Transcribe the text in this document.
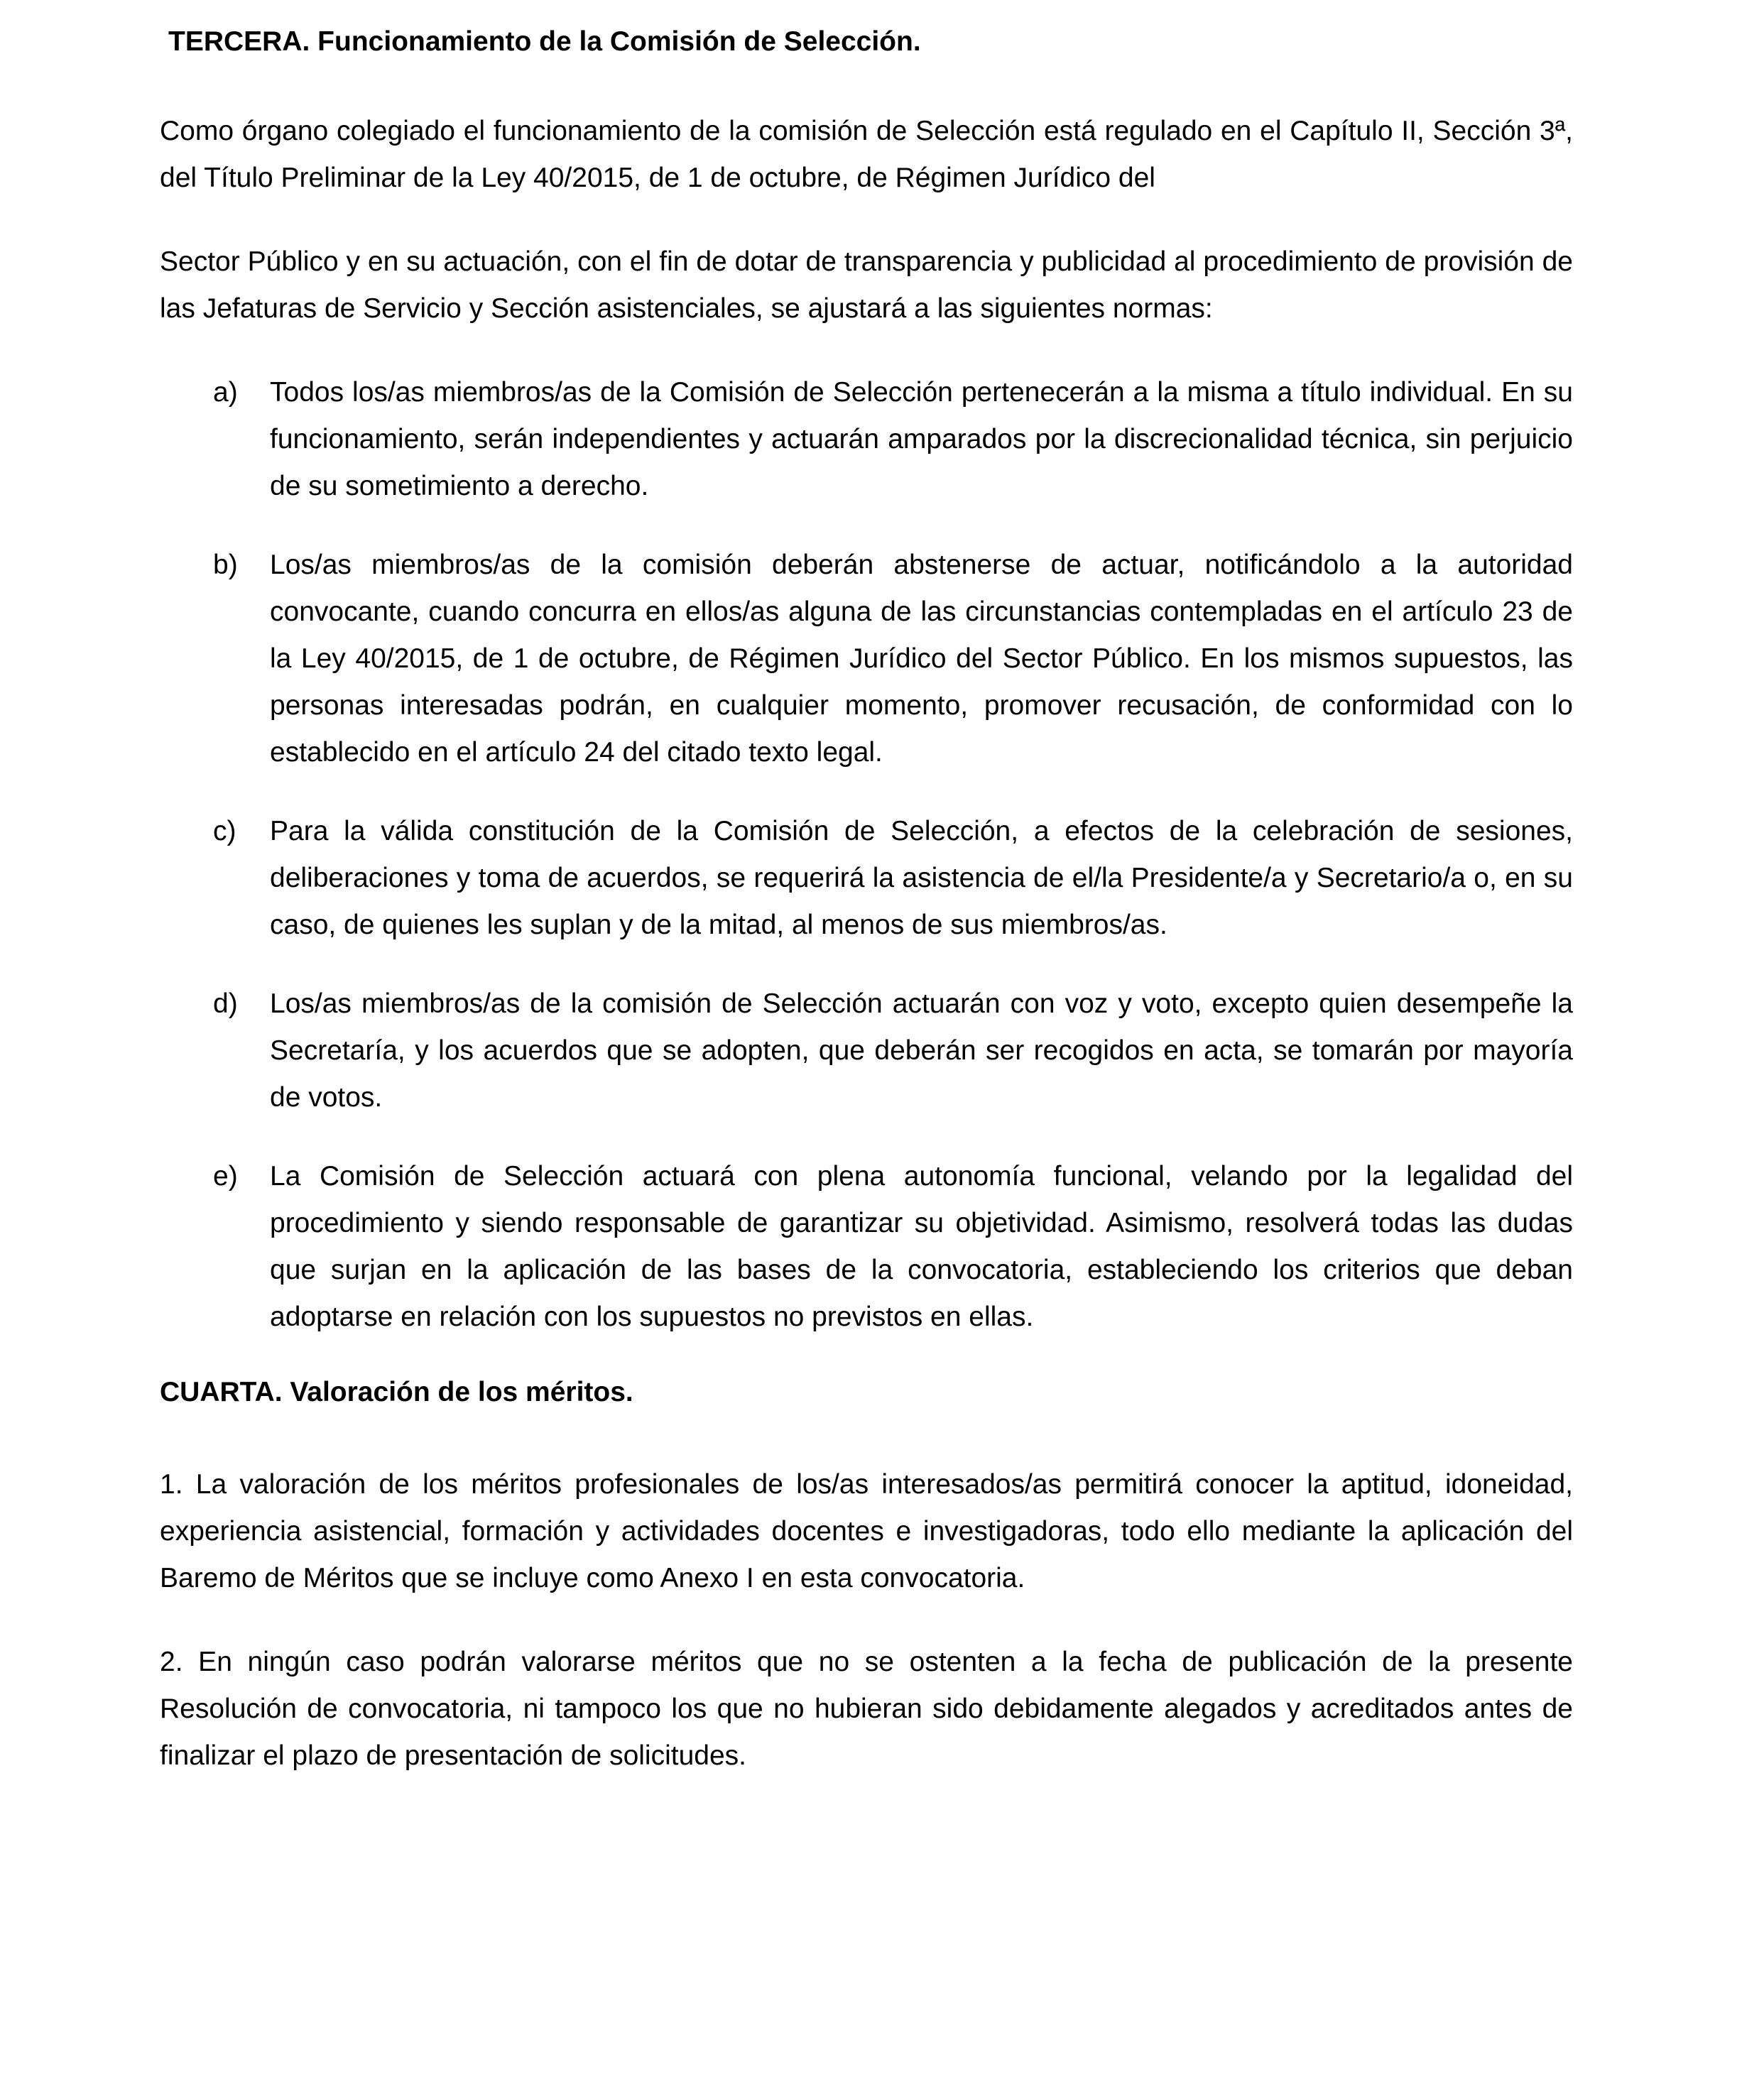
TERCERA. Funcionamiento de la Comisión de Selección.

Como órgano colegiado el funcionamiento de la comisión de Selección está regulado en el Capítulo II, Sección 3ª, del Título Preliminar de la Ley 40/2015, de 1 de octubre, de Régimen Jurídico del

Sector Público y en su actuación, con el fin de dotar de transparencia y publicidad al procedimiento de provisión de las Jefaturas de Servicio y Sección asistenciales, se ajustará a las siguientes normas:

a)	Todos los/as miembros/as de la Comisión de Selección pertenecerán a la misma a título individual. En su funcionamiento, serán independientes y actuarán amparados por la discrecionalidad técnica, sin perjuicio de su sometimiento a derecho.
b)	Los/as miembros/as de la comisión deberán abstenerse de actuar, notificándolo a la autoridad convocante, cuando concurra en ellos/as alguna de las circunstancias contempladas en el artículo 23 de la Ley 40/2015, de 1 de octubre, de Régimen Jurídico del Sector Público. En los mismos supuestos, las personas interesadas podrán, en cualquier momento, promover recusación, de conformidad con lo establecido en el artículo 24 del citado texto legal.
c)	Para la válida constitución de la Comisión de Selección, a efectos de la celebración de sesiones, deliberaciones y toma de acuerdos, se requerirá la asistencia de el/la Presidente/a y Secretario/a o, en su caso, de quienes les suplan y de la mitad, al menos de sus miembros/as.
d)	Los/as miembros/as de la comisión de Selección actuarán con voz y voto, excepto quien desempeñe la Secretaría, y los acuerdos que se adopten, que deberán ser recogidos en acta, se tomarán por mayoría de votos.
e)	La Comisión de Selección actuará con plena autonomía funcional, velando por la legalidad del procedimiento y siendo responsable de garantizar su objetividad. Asimismo, resolverá todas las dudas que surjan en la aplicación de las bases de la convocatoria, estableciendo los criterios que deban adoptarse en relación con los supuestos no previstos en ellas.
CUARTA. Valoración de los méritos.

1. La valoración de los méritos profesionales de los/as interesados/as permitirá conocer la aptitud, idoneidad, experiencia asistencial, formación y actividades docentes e investigadoras, todo ello mediante la aplicación del Baremo de Méritos que se incluye como Anexo I en esta convocatoria.

2. En ningún caso podrán valorarse méritos que no se ostenten a la fecha de publicación de la presente Resolución de convocatoria, ni tampoco los que no hubieran sido debidamente alegados y acreditados antes de finalizar el plazo de presentación de solicitudes.
